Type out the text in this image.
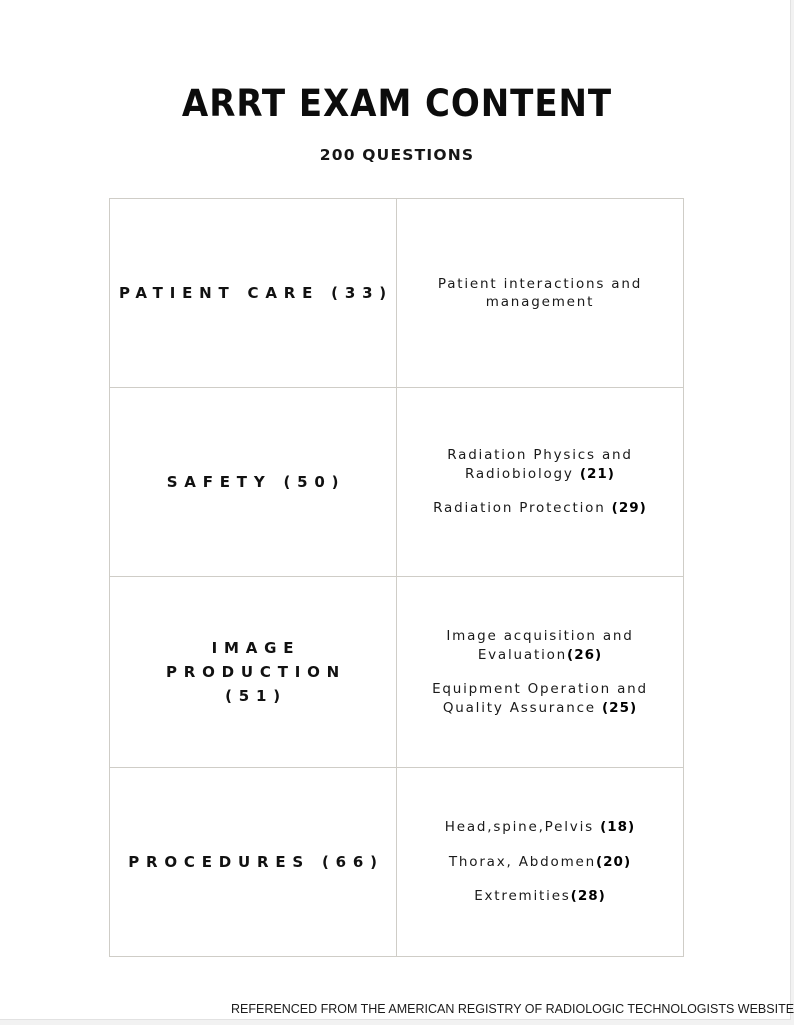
ARRT EXAM CONTENT
200 QUESTIONS
PATIENT CARE (33)
Patient interactions and
management
SAFETY (50)
Radiation Physics and
Radiobiology (21)
Radiation Protection (29)
IMAGE PRODUCTION
(51)
Image acquisition and
Evaluation(26)
Equipment Operation and
Quality Assurance (25)
PROCEDURES (66)
Head,spine,Pelvis (18)
Thorax, Abdomen(20)
Extremities(28)
REFERENCED FROM THE AMERICAN REGISTRY OF RADIOLOGIC TECHNOLOGISTS WEBSITE
